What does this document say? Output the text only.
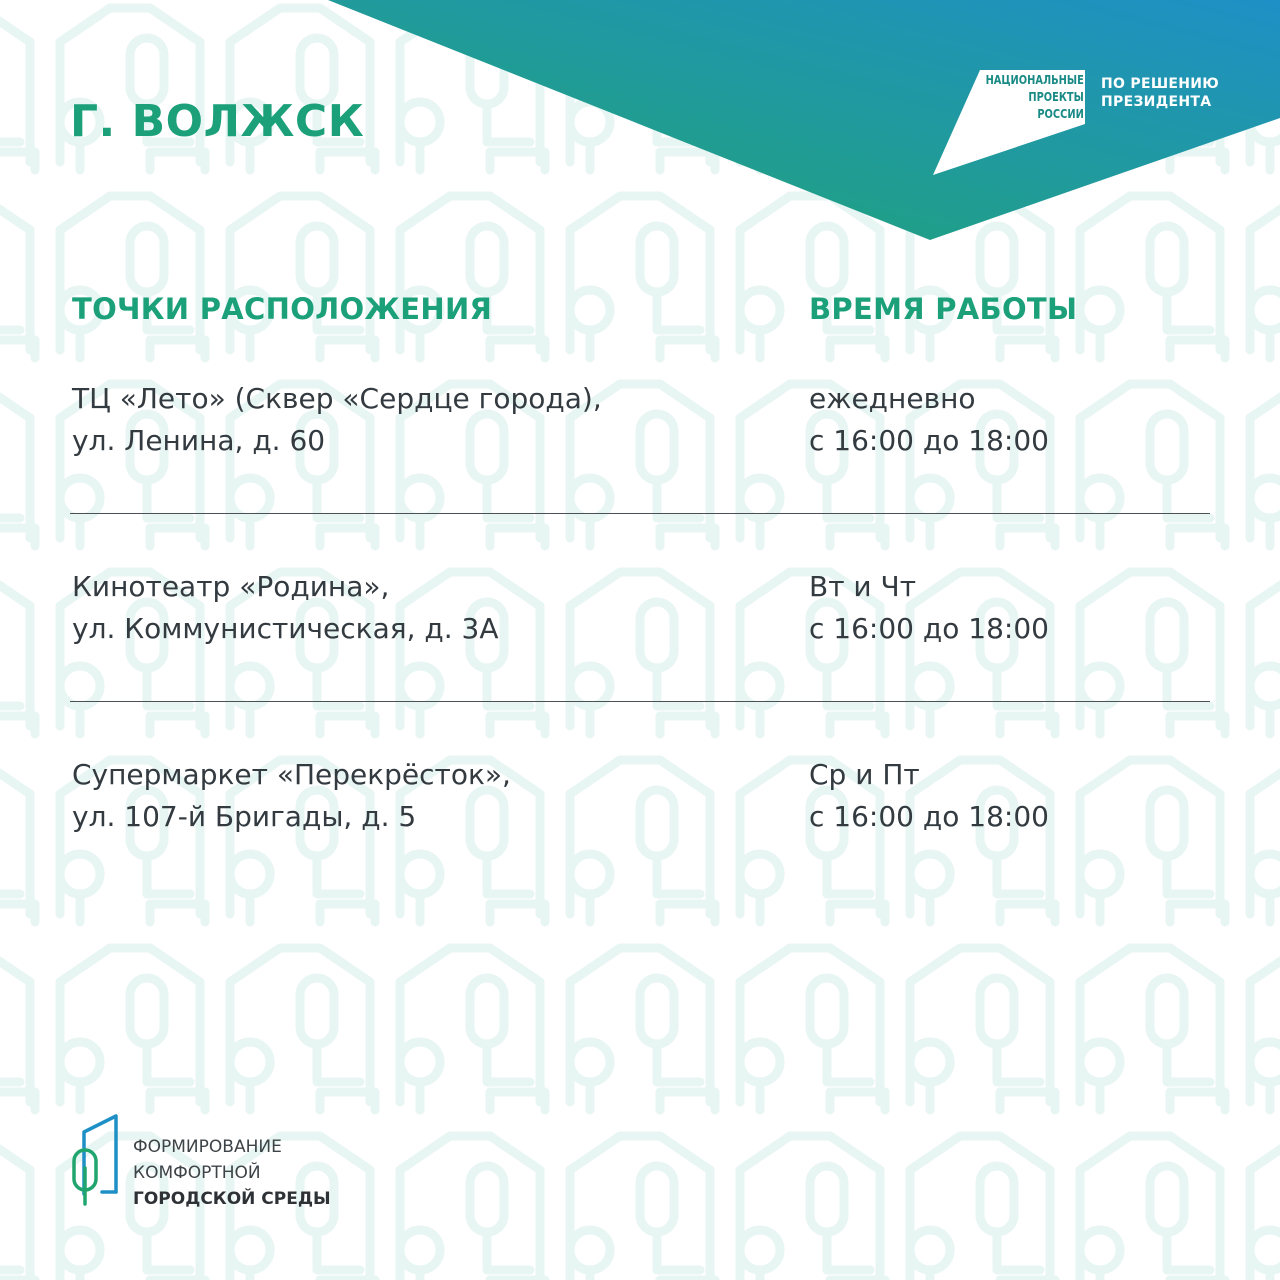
Г. ВОЛЖСК
НАЦИОНАЛЬНЫЕ
ПРОЕКТЫ
РОССИИ
ПО РЕШЕНИЮ
ПРЕЗИДЕНТА
ТОЧКИ РАСПОЛОЖЕНИЯ	ВРЕМЯ РАБОТЫ
ТЦ «Лето» (Сквер «Сердце города),
ул. Ленина, д. 60
ежедневно
с 16:00 до 18:00
Кинотеатр «Родина»,
ул. Коммунистическая, д. 3А
Вт и Чт
с 16:00 до 18:00
Супермаркет «Перекрёсток»,
ул. 107-й Бригады, д. 5
Ср и Пт
с 16:00 до 18:00
ФОРМИРОВАНИЕ
КОМФОРТНОЙ
ГОРОДСКОЙ СРЕДЫ
